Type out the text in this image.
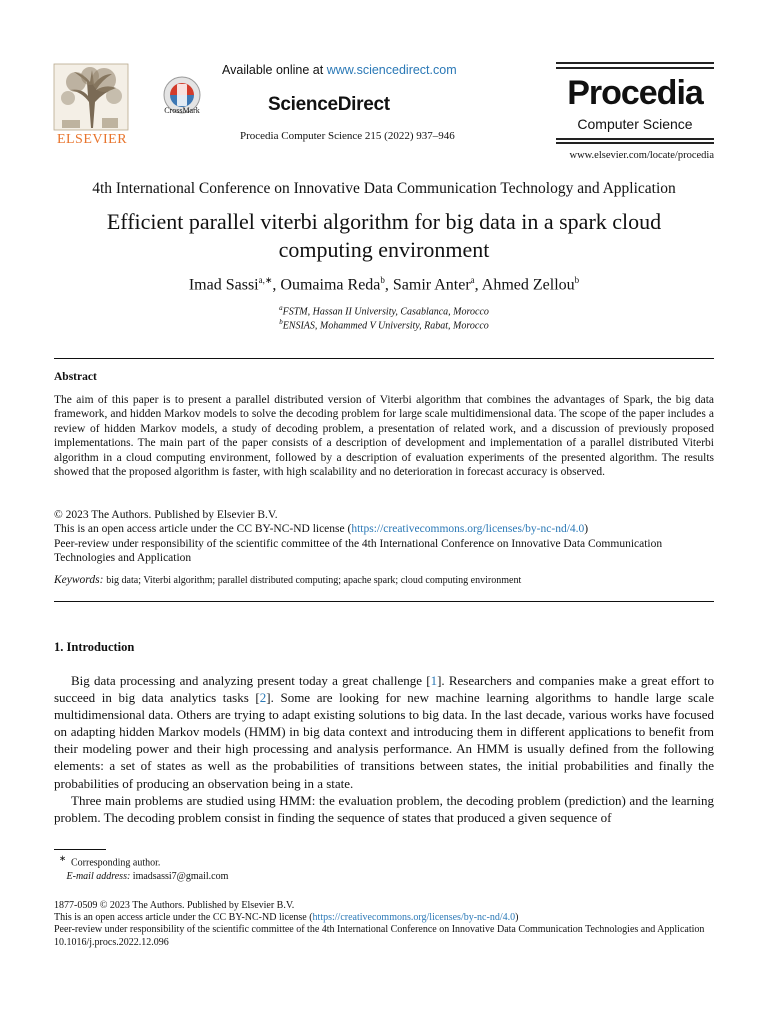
ELSEVIER
CrossMark
Available online at www.sciencedirect.com
ScienceDirect
Procedia Computer Science 215 (2022) 937–946
Procedia
Computer Science
www.elsevier.com/locate/procedia
4th International Conference on Innovative Data Communication Technology and Application
Efficient parallel viterbi algorithm for big data in a spark cloud computing environment
Imad Sassi$^{a,∗}$, Oumaima Reda$^b$, Samir Anter$^a$, Ahmed Zellou$^b$
$^a$FSTM, Hassan II University, Casablanca, Morocco
$^b$ENSIAS, Mohammed V University, Rabat, Morocco
Abstract
The aim of this paper is to present a parallel distributed version of Viterbi algorithm that combines the advantages of Spark, the big data framework, and hidden Markov models to solve the decoding problem for large scale multidimensional data. The scope of the paper includes a review of hidden Markov models, a study of decoding problem, a presentation of related work, and a discussion of previously proposed implementations. The main part of the paper consists of a description of development and implementation of a parallel distributed Viterbi algorithm in a cloud computing environment, followed by a description of evaluation experiments of the presented algorithm. The results showed that the proposed algorithm is faster, with high scalability and no deterioration in forecast accuracy is observed.
© 2023 The Authors. Published by Elsevier B.V.
This is an open access article under the CC BY-NC-ND license (https://creativecommons.org/licenses/by-nc-nd/4.0)
Peer-review under responsibility of the scientific committee of the 4th International Conference on Innovative Data Communication Technologies and Application
Keywords: big data; Viterbi algorithm; parallel distributed computing; apache spark; cloud computing environment
1. Introduction

Big data processing and analyzing present today a great challenge [1]. Researchers and companies make a great effort to succeed in big data analytics tasks [2]. Some are looking for new machine learning algorithms to handle large scale multidimensional data. Others are trying to adapt existing solutions to big data. In the last decade, various works have focused on adapting hidden Markov models (HMM) in big data context and introducing them in different applications to benefit from their modeling power and their high processing and analysis performance. An HMM is usually defined from the following elements: a set of states as well as the probabilities of transitions between states, the initial probabilities and finally the probabilities of producing an observation being in a state.

Three main problems are studied using HMM: the evaluation problem, the decoding problem (prediction) and the learning problem. The decoding problem consist in finding the sequence of states that produced a given sequence of

∗ Corresponding author.
E-mail address: imadsassi7@gmail.com
1877-0509 © 2023 The Authors. Published by Elsevier B.V.
This is an open access article under the CC BY-NC-ND license (https://creativecommons.org/licenses/by-nc-nd/4.0)
Peer-review under responsibility of the scientific committee of the 4th International Conference on Innovative Data Communication Technologies and Application
10.1016/j.procs.2022.12.096
